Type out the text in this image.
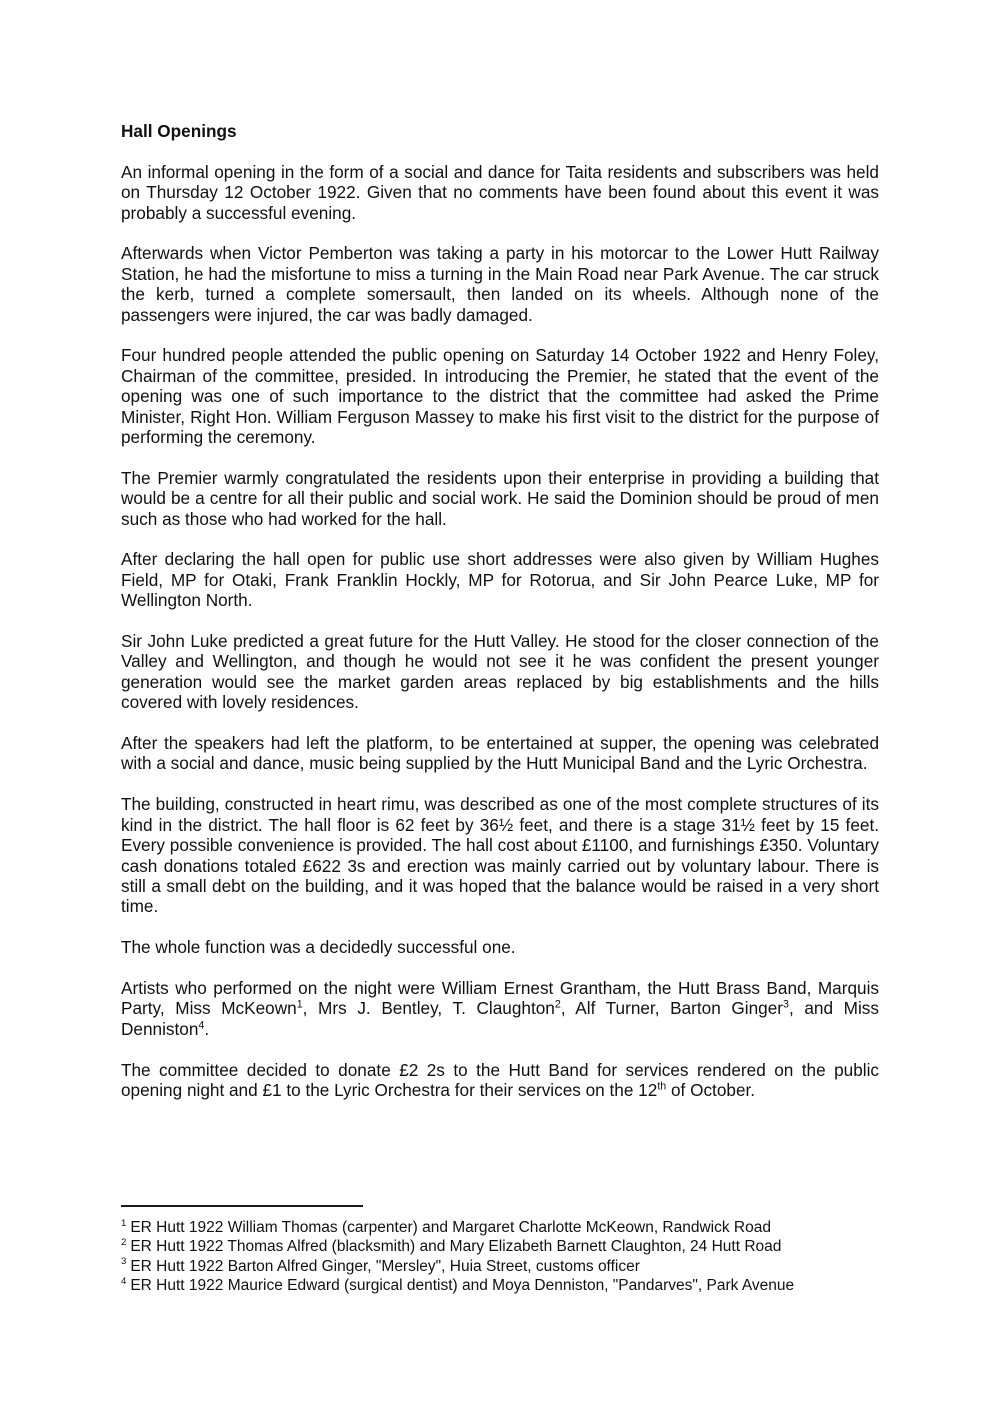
Hall Openings

An informal opening in the form of a social and dance for Taita residents and subscribers was held on Thursday 12 October 1922. Given that no comments have been found about this event it was probably a successful evening.

Afterwards when Victor Pemberton was taking a party in his motorcar to the Lower Hutt Railway Station, he had the misfortune to miss a turning in the Main Road near Park Avenue. The car struck the kerb, turned a complete somersault, then landed on its wheels. Although none of the passengers were injured, the car was badly damaged.

Four hundred people attended the public opening on Saturday 14 October 1922 and Henry Foley, Chairman of the committee, presided. In introducing the Premier, he stated that the event of the opening was one of such importance to the district that the committee had asked the Prime Minister, Right Hon. William Ferguson Massey to make his first visit to the district for the purpose of performing the ceremony.

The Premier warmly congratulated the residents upon their enterprise in providing a building that would be a centre for all their public and social work. He said the Dominion should be proud of men such as those who had worked for the hall.

After declaring the hall open for public use short addresses were also given by William Hughes Field, MP for Otaki, Frank Franklin Hockly, MP for Rotorua, and Sir John Pearce Luke, MP for Wellington North.

Sir John Luke predicted a great future for the Hutt Valley. He stood for the closer connection of the Valley and Wellington, and though he would not see it he was confident the present younger generation would see the market garden areas replaced by big establishments and the hills covered with lovely residences.

After the speakers had left the platform, to be entertained at supper, the opening was celebrated with a social and dance, music being supplied by the Hutt Municipal Band and the Lyric Orchestra.

The building, constructed in heart rimu, was described as one of the most complete structures of its kind in the district. The hall floor is 62 feet by 36½ feet, and there is a stage 31½ feet by 15 feet. Every possible convenience is provided. The hall cost about £1100, and furnishings £350. Voluntary cash donations totaled £622 3s and erection was mainly carried out by voluntary labour. There is still a small debt on the building, and it was hoped that the balance would be raised in a very short time.

The whole function was a decidedly successful one.

Artists who performed on the night were William Ernest Grantham, the Hutt Brass Band, Marquis Party, Miss McKeown$^1$, Mrs J. Bentley, T. Claughton$^2$, Alf Turner, Barton Ginger$^3$, and Miss Denniston$^4$.

The committee decided to donate £2 2s to the Hutt Band for services rendered on the public opening night and £1 to the Lyric Orchestra for their services on the 12th of October.

$^1$ ER Hutt 1922 William Thomas (carpenter) and Margaret Charlotte McKeown, Randwick Road
$^2$ ER Hutt 1922 Thomas Alfred (blacksmith) and Mary Elizabeth Barnett Claughton, 24 Hutt Road
$^3$ ER Hutt 1922 Barton Alfred Ginger, "Mersley", Huia Street, customs officer
$^4$ ER Hutt 1922 Maurice Edward (surgical dentist) and Moya Denniston, "Pandarves", Park Avenue
